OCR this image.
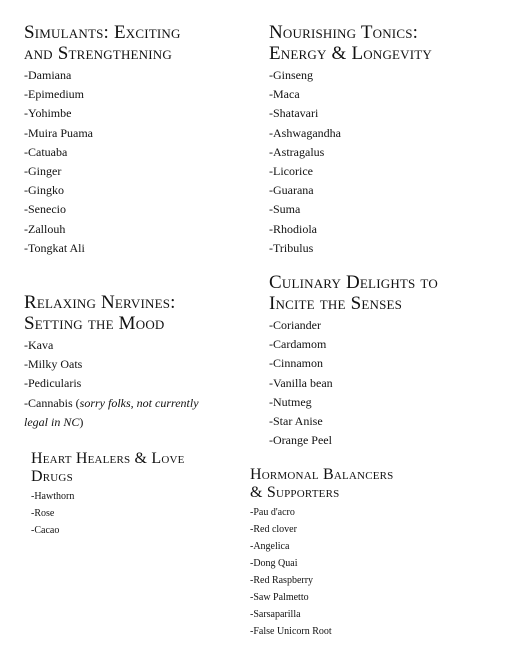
Simulants: Exciting
and Strengthening
-Damiana
-Epimedium
-Yohimbe
-Muira Puama
-Catuaba
-Ginger
-Gingko
-Senecio
-Zallouh
-Tongkat Ali
Nourishing Tonics:
Energy & Longevity
-Ginseng
-Maca
-Shatavari
-Ashwagandha
-Astragalus
-Licorice
-Guarana
-Suma
-Rhodiola
-Tribulus
Relaxing Nervines:
Setting the Mood
-Kava
-Milky Oats
-Pedicularis
-Cannabis (sorry folks, not currently
legal in NC)
Culinary Delights to
Incite the Senses
-Coriander
-Cardamom
-Cinnamon
-Vanilla bean
-Nutmeg
-Star Anise
-Orange Peel
Heart Healers & Love
Drugs
-Hawthorn
-Rose
-Cacao
Hormonal Balancers
& Supporters
-Pau d'acro
-Red clover
-Angelica
-Dong Quai
-Red Raspberry
-Saw Palmetto
-Sarsaparilla
-False Unicorn Root
